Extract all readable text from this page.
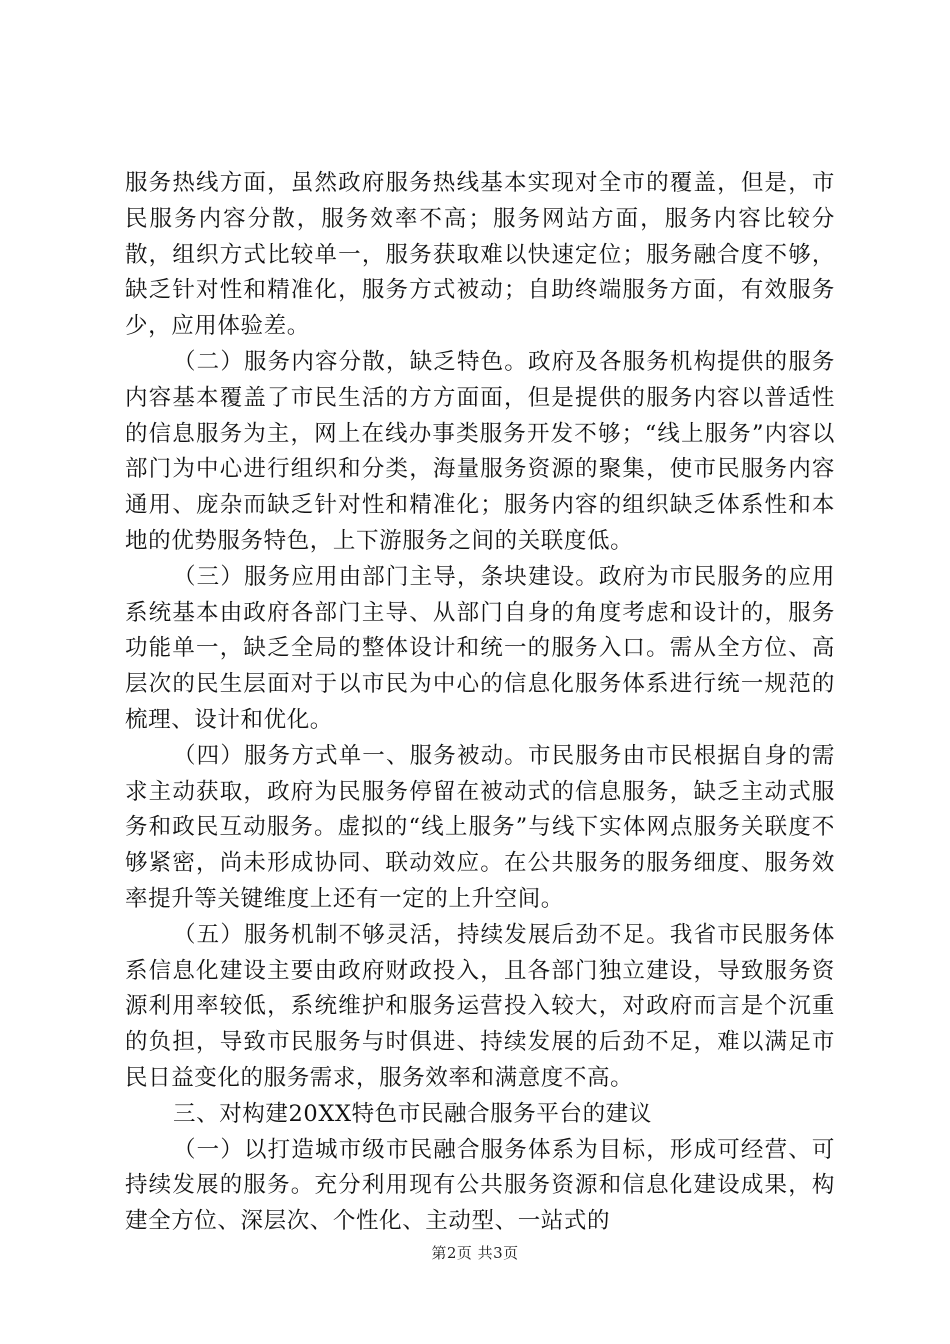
服务热线方面，虽然政府服务热线基本实现对全市的覆盖，但是，市民服务内容分散，服务效率不高；服务网站方面，服务内容比较分散，组织方式比较单一，服务获取难以快速定位；服务融合度不够，缺乏针对性和精准化，服务方式被动；自助终端服务方面，有效服务少，应用体验差。

（二）服务内容分散，缺乏特色。政府及各服务机构提供的服务内容基本覆盖了市民生活的方方面面，但是提供的服务内容以普适性的信息服务为主，网上在线办事类服务开发不够；“线上服务”内容以部门为中心进行组织和分类，海量服务资源的聚集，使市民服务内容通用、庞杂而缺乏针对性和精准化；服务内容的组织缺乏体系性和本地的优势服务特色，上下游服务之间的关联度低。

（三）服务应用由部门主导，条块建设。政府为市民服务的应用系统基本由政府各部门主导、从部门自身的角度考虑和设计的，服务功能单一，缺乏全局的整体设计和统一的服务入口。需从全方位、高层次的民生层面对于以市民为中心的信息化服务体系进行统一规范的梳理、设计和优化。

（四）服务方式单一、服务被动。市民服务由市民根据自身的需求主动获取，政府为民服务停留在被动式的信息服务，缺乏主动式服务和政民互动服务。虚拟的“线上服务”与线下实体网点服务关联度不够紧密，尚未形成协同、联动效应。在公共服务的服务细度、服务效率提升等关键维度上还有一定的上升空间。

（五）服务机制不够灵活，持续发展后劲不足。我省市民服务体系信息化建设主要由政府财政投入，且各部门独立建设，导致服务资源利用率较低，系统维护和服务运营投入较大，对政府而言是个沉重的负担，导致市民服务与时俱进、持续发展的后劲不足，难以满足市民日益变化的服务需求，服务效率和满意度不高。

三、对构建20XX特色市民融合服务平台的建议

（一）以打造城市级市民融合服务体系为目标，形成可经营、可持续发展的服务。充分利用现有公共服务资源和信息化建设成果，构建全方位、深层次、个性化、主动型、一站式的

第2页 共3页
